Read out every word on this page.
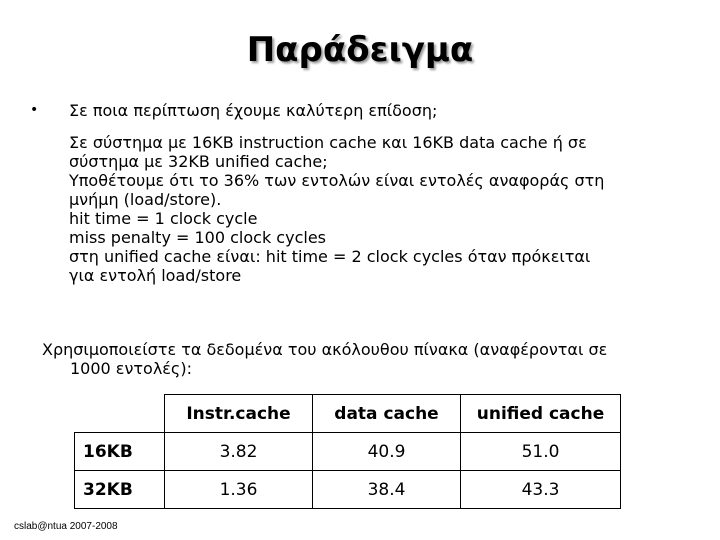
Παράδειγμα
• Σε ποια περίπτωση έχουμε καλύτερη επίδοση;
Σε σύστημα με 16KB instruction cache και 16KB data cache ή σε
σύστημα με 32KB unified cache;
Υποθέτουμε ότι το 36% των εντολών είναι εντολές αναφοράς στη
μνήμη (load/store).
hit time = 1 clock cycle
miss penalty = 100 clock cycles
στη unified cache είναι: hit time = 2 clock cycles όταν πρόκειται
για εντολή load/store
Χρησιμοποιείστε τα δεδομένα του ακόλουθου πίνακα (αναφέρονται σε
1000 εντολές):
	Instr.cache	data cache	unified cache
16KB	3.82	40.9	51.0
32KB	1.36	38.4	43.3
cslab@ntua 2007-2008
